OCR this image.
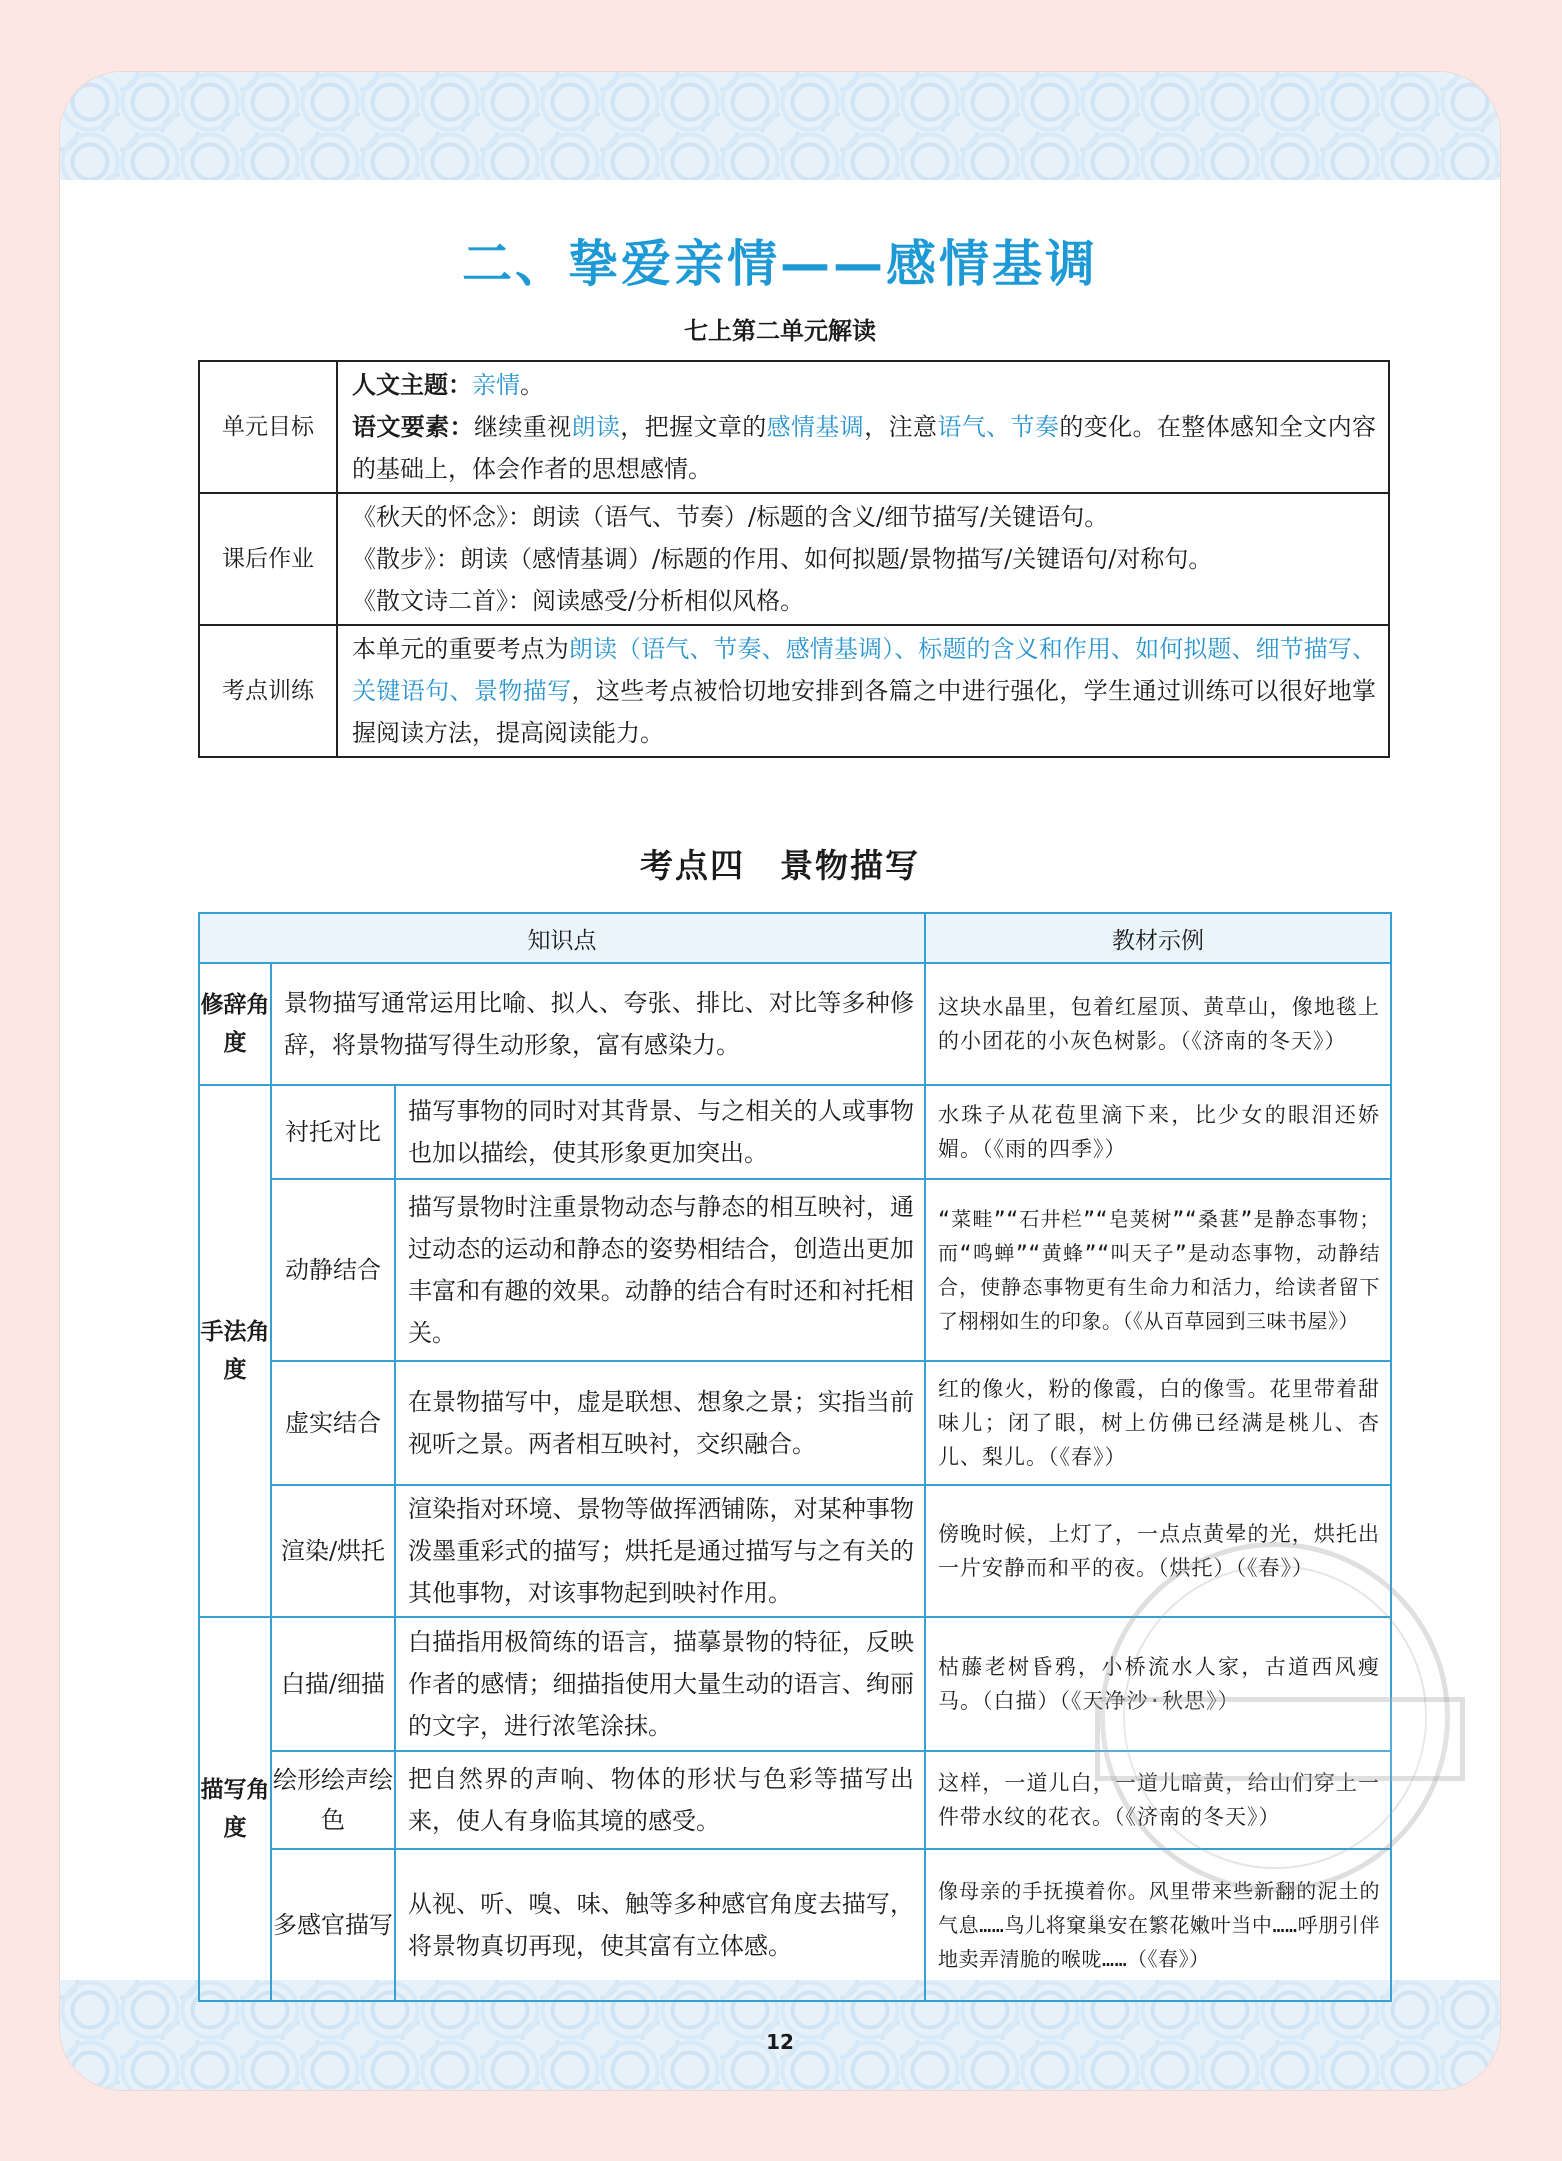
二、挚爱亲情——感情基调
七上第二单元解读
单元目标	人文主题：亲情。
语文要素：继续重视朗读，把握文章的感情基调，注意语气、节奏的变化。在整体感知全文内容的基础上，体会作者的思想感情。

课后作业	《秋天的怀念》：朗读（语气、节奏）/标题的含义/细节描写/关键语句。
《散步》：朗读（感情基调）/标题的作用、如何拟题/景物描写/关键语句/对称句。
《散文诗二首》：阅读感受/分析相似风格。

考点训练	本单元的重要考点为朗读（语气、节奏、感情基调）、标题的含义和作用、如何拟题、细节描写、关键语句、景物描写，这些考点被恰切地安排到各篇之中进行强化，学生通过训练可以很好地掌握阅读方法，提高阅读能力。
考点四　景物描写
知识点			教材示例
修辞角度	景物描写通常运用比喻、拟人、夸张、排比、对比等多种修辞，将景物描写得生动形象，富有感染力。		这块水晶里，包着红屋顶、黄草山，像地毯上的小团花的小灰色树影。（《济南的冬天》）
手法角度	衬托对比	描写事物的同时对其背景、与之相关的人或事物也加以描绘，使其形象更加突出。	水珠子从花苞里滴下来，比少女的眼泪还娇媚。（《雨的四季》）
	动静结合	描写景物时注重景物动态与静态的相互映衬，通过动态的运动和静态的姿势相结合，创造出更加丰富和有趣的效果。动静的结合有时还和衬托相关。	“菜畦”“石井栏”“皂荚树”“桑葚”是静态事物；而“鸣蝉”“黄蜂”“叫天子”是动态事物，动静结合，使静态事物更有生命力和活力，给读者留下了栩栩如生的印象。（《从百草园到三味书屋》）
	虚实结合	在景物描写中，虚是联想、想象之景；实指当前视听之景。两者相互映衬，交织融合。	红的像火，粉的像霞，白的像雪。花里带着甜味儿；闭了眼，树上仿佛已经满是桃儿、杏儿、梨儿。（《春》）
	渲染/烘托	渲染指对环境、景物等做挥洒铺陈，对某种事物泼墨重彩式的描写；烘托是通过描写与之有关的其他事物，对该事物起到映衬作用。	傍晚时候，上灯了，一点点黄晕的光，烘托出一片安静而和平的夜。（烘托）（《春》）
描写角度	白描/细描	白描指用极简练的语言，描摹景物的特征，反映作者的感情；细描指使用大量生动的语言、绚丽的文字，进行浓笔涂抹。	枯藤老树昏鸦，小桥流水人家，古道西风瘦马。（白描）（《天净沙·秋思》）
	绘形绘声绘色	把自然界的声响、物体的形状与色彩等描写出来，使人有身临其境的感受。	这样，一道儿白，一道儿暗黄，给山们穿上一件带水纹的花衣。（《济南的冬天》）
	多感官描写	从视、听、嗅、味、触等多种感官角度去描写，将景物真切再现，使其富有立体感。	像母亲的手抚摸着你。风里带来些新翻的泥土的气息……鸟儿将窠巢安在繁花嫩叶当中……呼朋引伴地卖弄清脆的喉咙……（《春》）
12
